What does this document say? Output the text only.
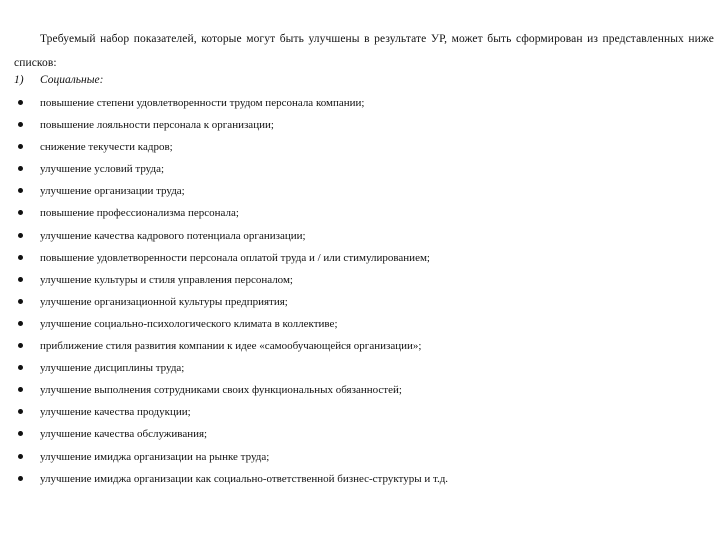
Требуемый набор показателей, которые могут быть улучшены в результате УР, может быть сформирован из представленных ниже списков:

1) Социальные:
повышение степени удовлетворенности трудом персонала компании;
повышение лояльности персонала к организации;
снижение текучести кадров;
улучшение условий труда;
улучшение организации труда;
повышение профессионализма персонала;
улучшение качества кадрового потенциала организации;
повышение удовлетворенности персонала оплатой труда и / или стимулированием;
улучшение культуры и стиля управления персоналом;
улучшение организационной культуры предприятия;
улучшение социально-психологического климата в коллективе;
приближение стиля развития компании к идее «самообучающейся организации»;
улучшение дисциплины труда;
улучшение выполнения сотрудниками своих функциональных обязанностей;
улучшение качества продукции;
улучшение качества обслуживания;
улучшение имиджа организации на рынке труда;
улучшение имиджа организации как социально-ответственной бизнес-структуры и т.д.
